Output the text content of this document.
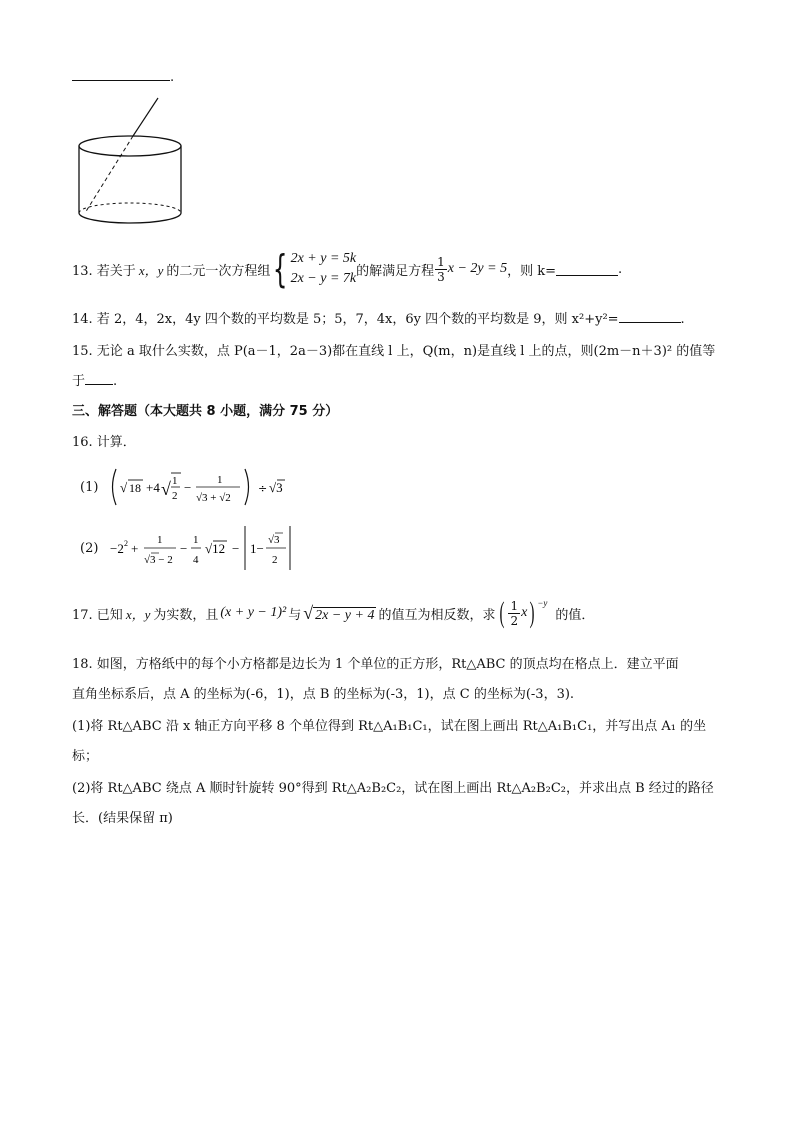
.
13. 若关于 x，y 的二元一次方程组 { 2x + y = 5k
2x − y = 7k 的解满足方程 $\frac{1}{3}$ x − 2y = 5 ，则 k=	.
14. 若 2，4，2x，4y 四个数的平均数是 5；5，7，4x，6y 四个数的平均数是 9，则 x²+y²=	.
15. 无论 a 取什么实数，点 P(a－1，2a－3)都在直线 l 上，Q(m，n)是直线 l 上的点，则(2m－n＋3)² 的值等
于 .
三、解答题（本大题共 8 小题，满分 75 分）
16. 计算．
(1) √ 18 +4 √ 1
2
− 1
√3 + √2
÷ √3
(2) −2 2 +
1
√3 − 2
−
1
4
√12 − 1−
√3
2
17. 已知 x，y 为实数，且 (x + y − 1)² 与 √ 2x − y + 4 的值互为相反数，求 ( $\frac{1}{2}$ x ) −y
的值．
18. 如图，方格纸中的每个小方格都是边长为 1 个单位的正方形，Rt△ABC 的顶点均在格点上．建立平面
直角坐标系后，点 A 的坐标为(-6，1)，点 B 的坐标为(-3，1)，点 C 的坐标为(-3，3).
(1)将 Rt△ABC 沿 x 轴正方向平移 8 个单位得到 Rt△A₁B₁C₁，试在图上画出 Rt△A₁B₁C₁，并写出点 A₁ 的坐
标；
(2)将 Rt△ABC 绕点 A 顺时针旋转 90°得到 Rt△A₂B₂C₂，试在图上画出 Rt△A₂B₂C₂，并求出点 B 经过的路径
长．(结果保留 π)
